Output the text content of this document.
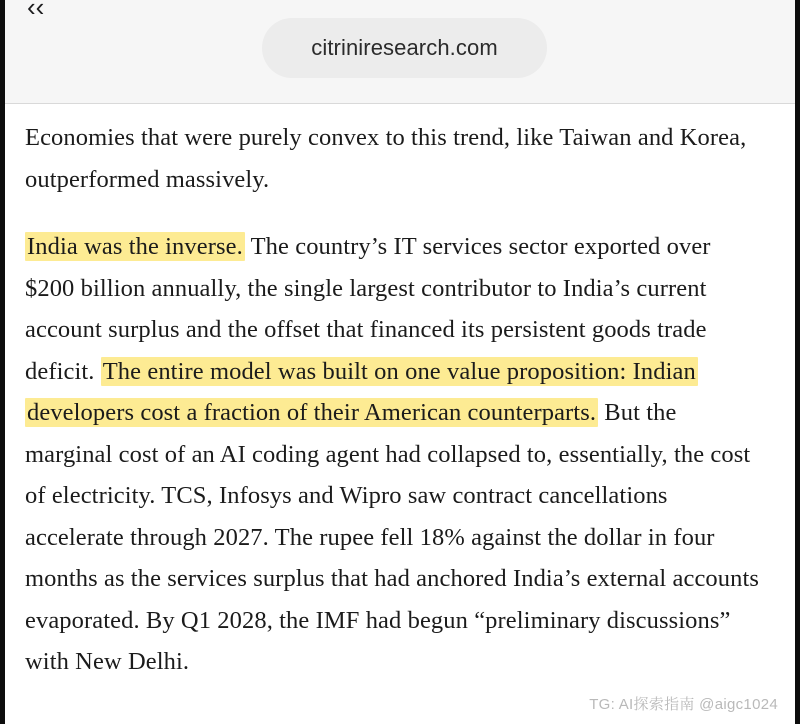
‹‹
citriniresearch.com

Economies that were purely convex to this trend, like Taiwan and Korea, outperformed massively.

India was the inverse. The country’s IT services sector exported over $200 billion annually, the single largest contributor to India’s current account surplus and the offset that financed its persistent goods trade deficit. The entire model was built on one value proposition: Indian developers cost a fraction of their American counterparts. But the marginal cost of an AI coding agent had collapsed to, essentially, the cost of electricity. TCS, Infosys and Wipro saw contract cancellations accelerate through 2027. The rupee fell 18% against the dollar in four months as the services surplus that had anchored India’s external accounts evaporated. By Q1 2028, the IMF had begun “preliminary discussions” with New Delhi.

TG: AI探索指南 @aigc1024
